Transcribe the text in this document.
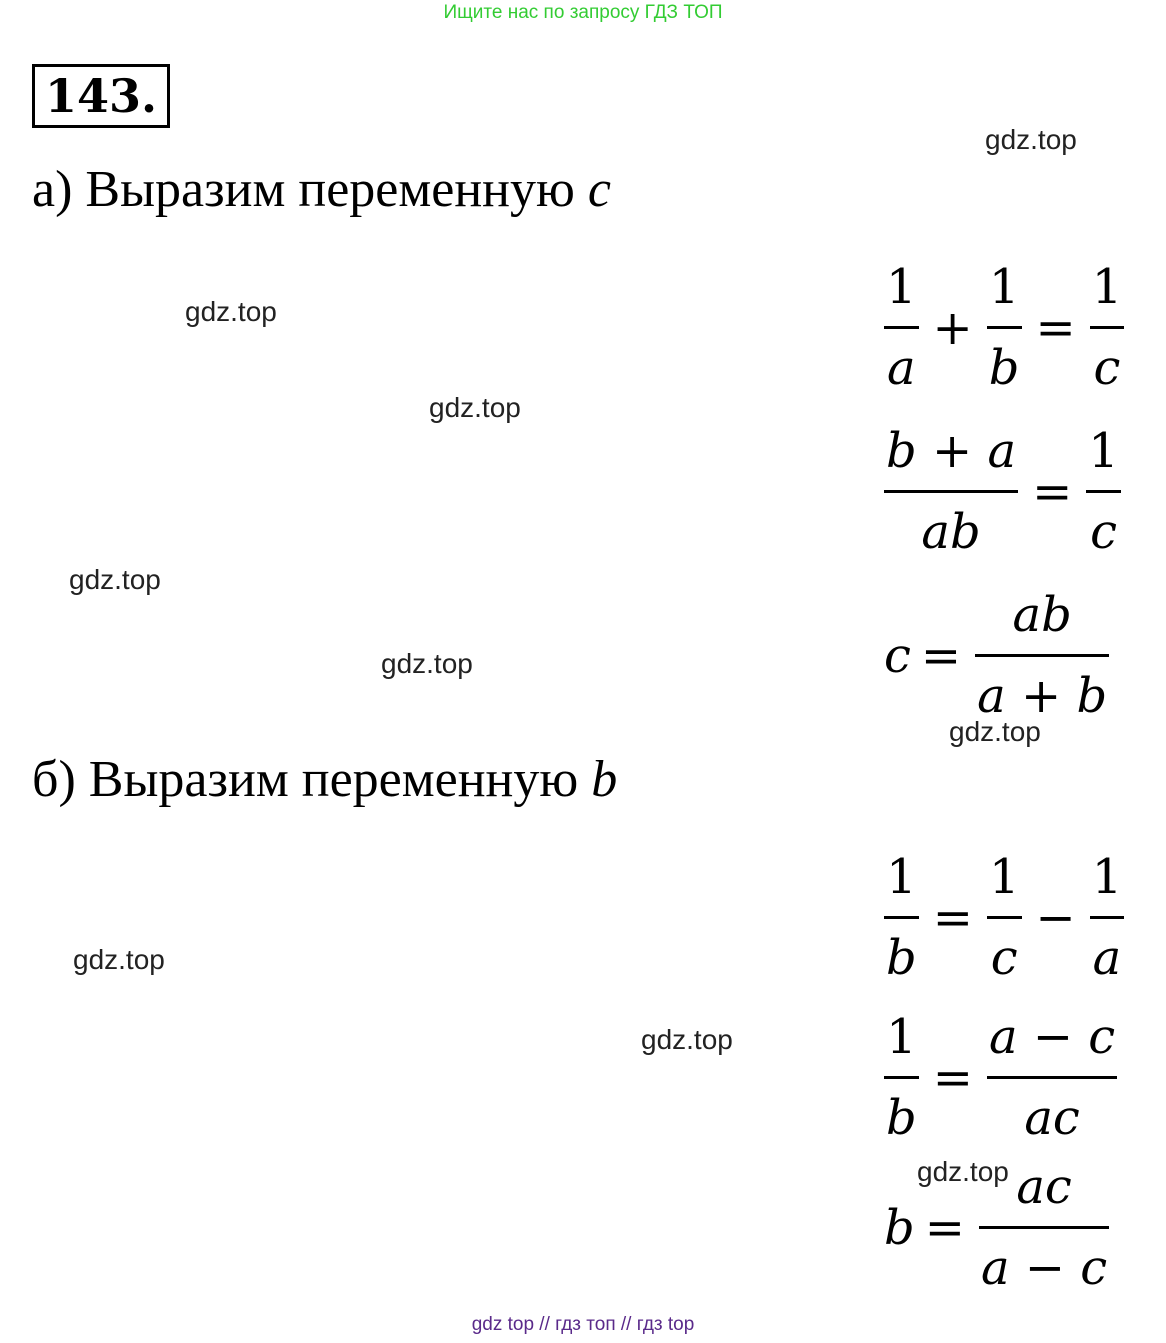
Ищите нас по запросу ГДЗ ТОП
143.
а) Выразим переменную c
б) Выразим переменную b
gdz.top
gdz.top
gdz.top
gdz.top
gdz.top
gdz.top
gdz.top
gdz.top
gdz.top
$\frac{1}{a} + \frac{1}{b} = \frac{1}{c}$
$\frac{b + a}{ab} = \frac{1}{c}$
$c = \frac{ab}{a + b}$
$\frac{1}{b} = \frac{1}{c} - \frac{1}{a}$
$\frac{1}{b} = \frac{a - c}{ac}$
$b = \frac{ac}{a - c}$
gdz top // гдз топ // гдз top
